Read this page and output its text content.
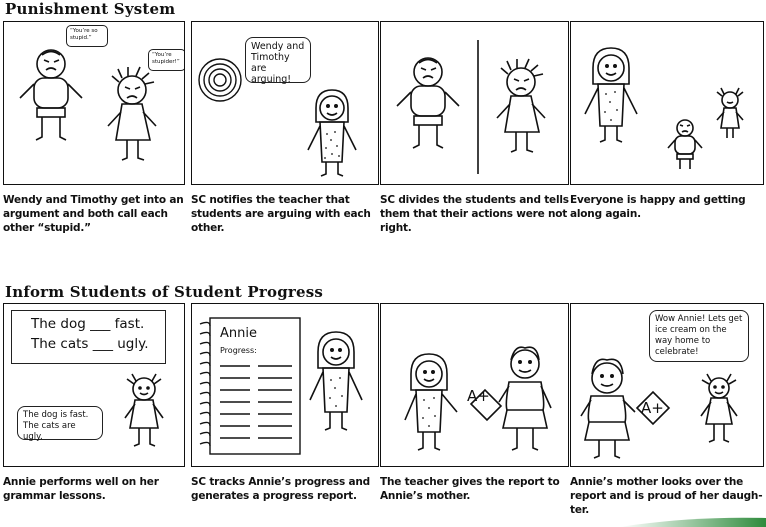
Punishment System
“You’re so stupid.”
“You’re stupider!”
Wendy and Timothy get into an argument and both call each other “stupid.”
Wendy and Timothy are arguing!
SC notifies the teacher that students are arguing with each other.
SC divides the students and tells them that their actions were not right.
Everyone is happy and getting along again.
Inform Students of Student Progress
The dog ___ fast.
The cats ___ ugly.
The dog is fast. The cats are ugly.
Annie performs well on her grammar lessons.
Annie
Progress:
SC tracks Annie’s progress and generates a progress report.
A+
The teacher gives the report to Annie’s mother.
Wow Annie! Lets get ice cream on the way home to celebrate!
A+
Annie’s mother looks over the report and is proud of her daugh-ter.
